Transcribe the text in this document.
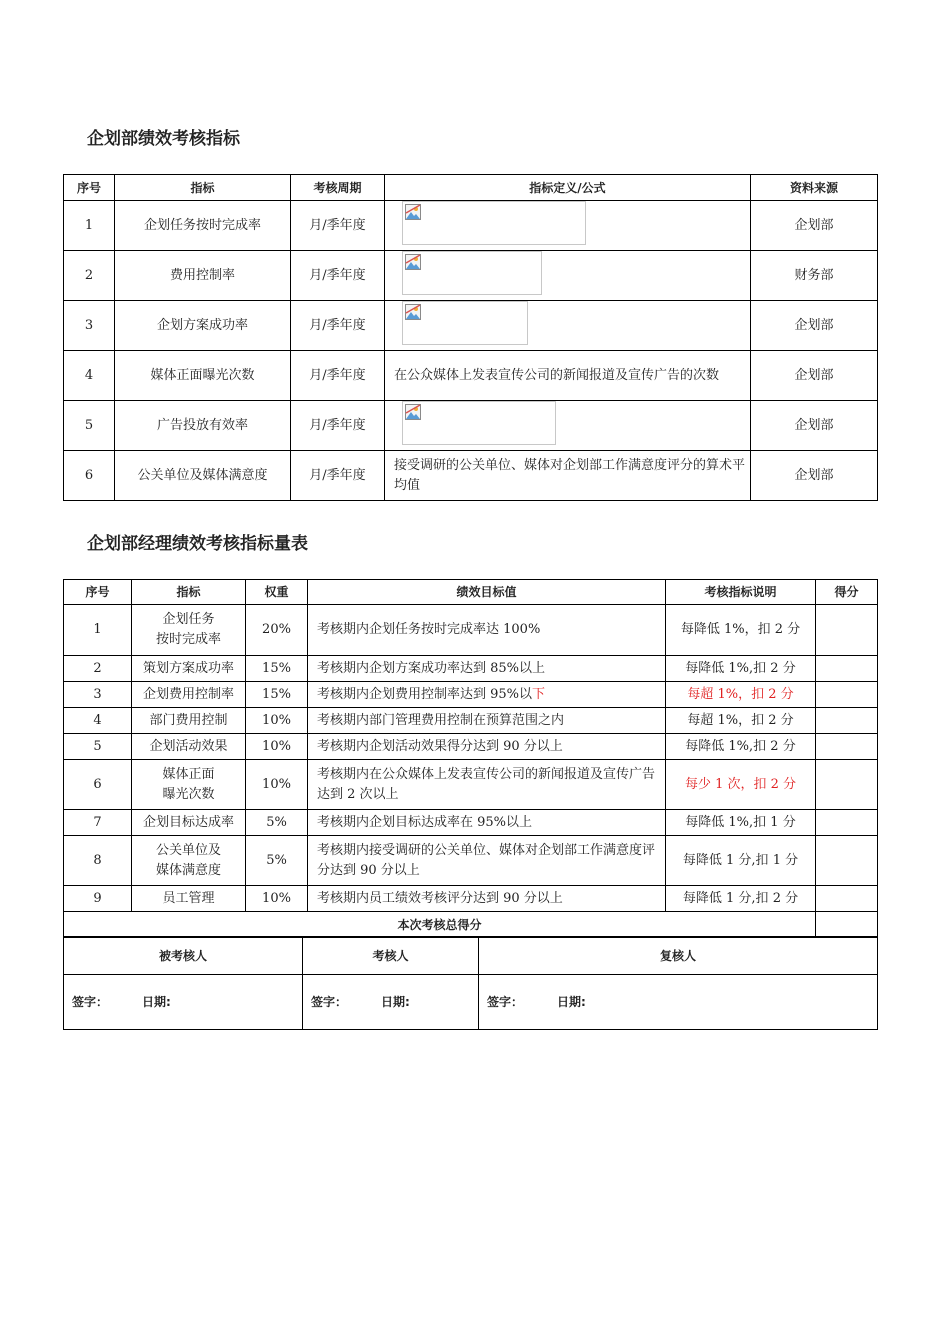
企划部绩效考核指标
序号	指标	考核周期	指标定义/公式	资料来源
1	企划任务按时完成率	月/季年度		企划部
2	费用控制率	月/季年度		财务部
3	企划方案成功率	月/季年度		企划部
4	媒体正面曝光次数	月/季年度	在公众媒体上发表宣传公司的新闻报道及宣传广告的次数	企划部
5	广告投放有效率	月/季年度		企划部
6	公关单位及媒体满意度	月/季年度	接受调研的公关单位、媒体对企划部工作满意度评分的算术平均值	企划部
企划部经理绩效考核指标量表
序号	指标	权重	绩效目标值	考核指标说明	得分
1	企划任务
按时完成率	20%	考核期内企划任务按时完成率达 100%	每降低 1%，扣 2 分	
2	策划方案成功率	15%	考核期内企划方案成功率达到 85%以上	每降低 1%,扣 2 分	
3	企划费用控制率	15%	考核期内企划费用控制率达到 95%以下	每超 1%，扣 2 分	
4	部门费用控制	10%	考核期内部门管理费用控制在预算范围之内	每超 1%，扣 2 分	
5	企划活动效果	10%	考核期内企划活动效果得分达到 90 分以上	每降低 1%,扣 2 分	
6	媒体正面
曝光次数	10%	考核期内在公众媒体上发表宣传公司的新闻报道及宣传广告达到 2 次以上	每少 1 次，扣 2 分	
7	企划目标达成率	5%	考核期内企划目标达成率在 95%以上	每降低 1%,扣 1 分	
8	公关单位及
媒体满意度	5%	考核期内接受调研的公关单位、媒体对企划部工作满意度评分达到 90 分以上	每降低 1 分,扣 1 分	
9	员工管理	10%	考核期内员工绩效考核评分达到 90 分以上	每降低 1 分,扣 2 分	
本次考核总得分					
被考核人	考核人	复核人
签字： 日期:	签字： 日期:	签字： 日期:
